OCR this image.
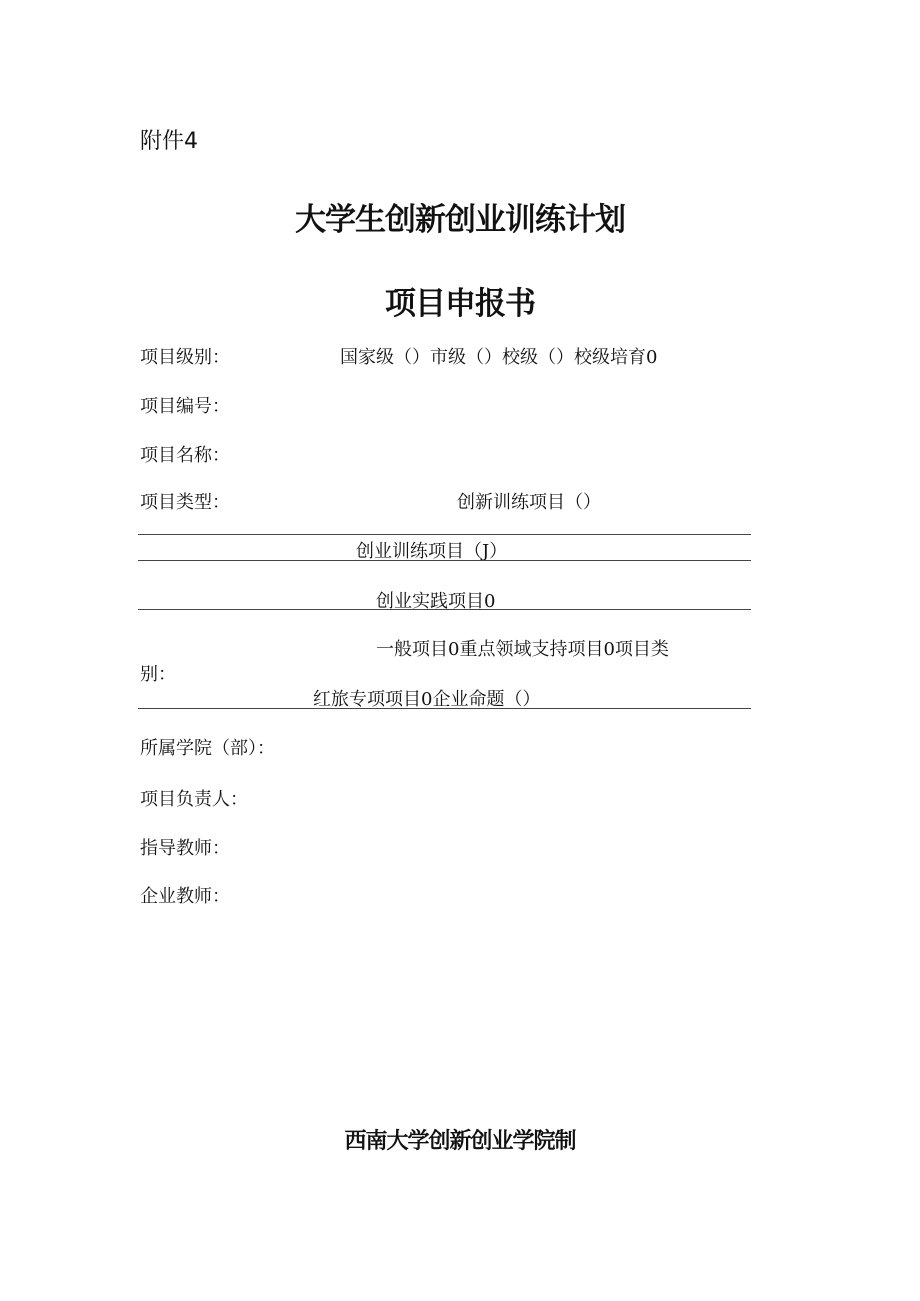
附件4
大学生创新创业训练计划
项目申报书
项目级别：	国家级（）市级（）校级（）校级培育0
项目编号：
项目名称：
项目类型：	创新训练项目（）
创业训练项目（J）
创业实践项目0
一般项目0重点领域支持项目0项目类
别：
红旅专项项目0企业命题（）
所属学院（部）：
项目负责人：
指导教师：
企业教师：
西南大学创新创业学院制
